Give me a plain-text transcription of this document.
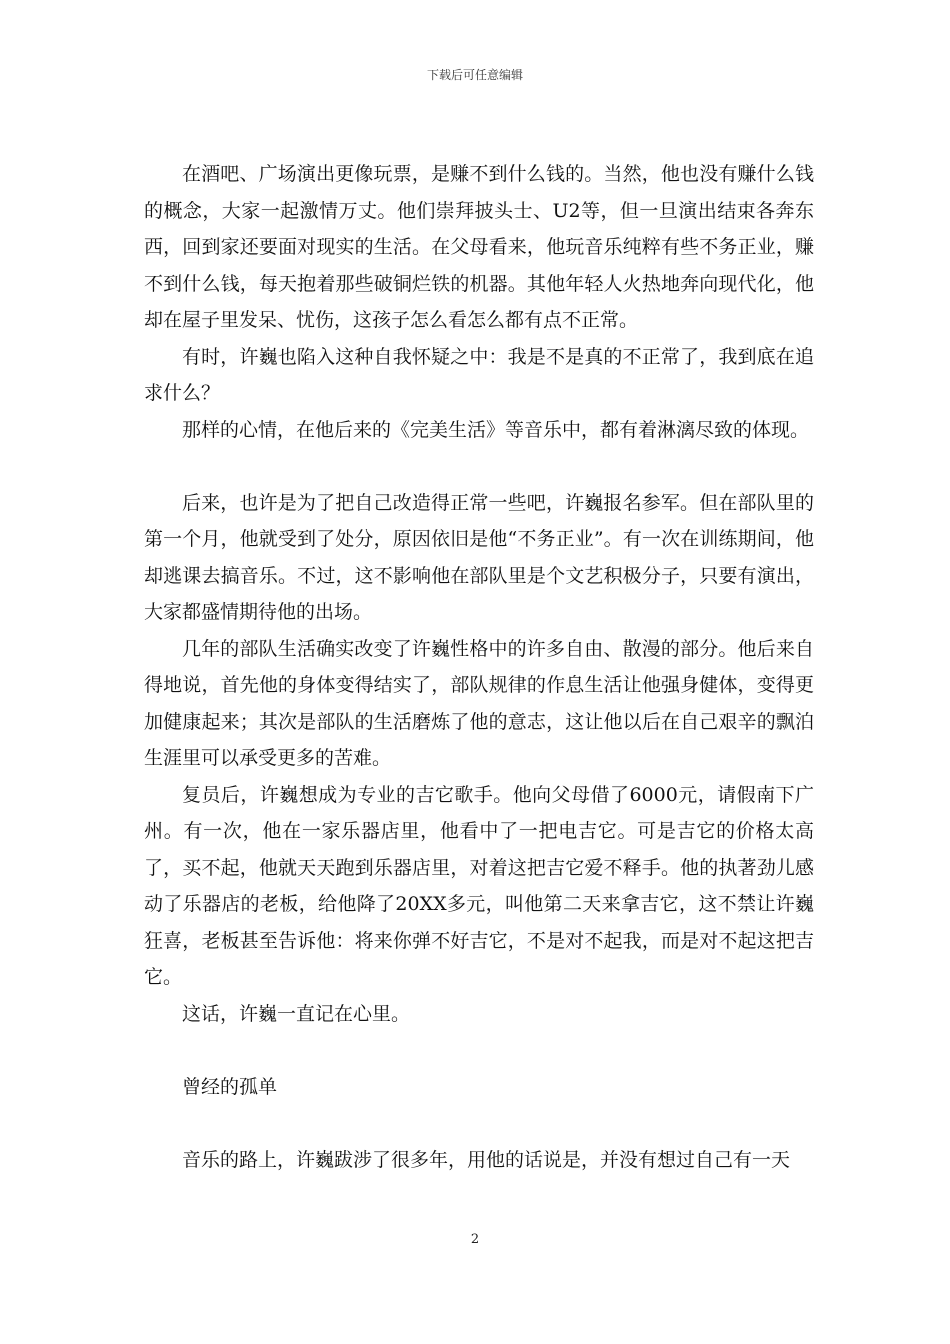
下载后可任意编辑

在酒吧、广场演出更像玩票，是赚不到什么钱的。当然，他也没有赚什么钱的概念，大家一起激情万丈。他们崇拜披头士、U2等，但一旦演出结束各奔东西，回到家还要面对现实的生活。在父母看来，他玩音乐纯粹有些不务正业，赚不到什么钱，每天抱着那些破铜烂铁的机器。其他年轻人火热地奔向现代化，他却在屋子里发呆、忧伤，这孩子怎么看怎么都有点不正常。

有时，许巍也陷入这种自我怀疑之中：我是不是真的不正常了，我到底在追求什么？

那样的心情，在他后来的《完美生活》等音乐中，都有着淋漓尽致的体现。

后来，也许是为了把自己改造得正常一些吧，许巍报名参军。但在部队里的第一个月，他就受到了处分，原因依旧是他“不务正业”。有一次在训练期间，他却逃课去搞音乐。不过，这不影响他在部队里是个文艺积极分子，只要有演出，大家都盛情期待他的出场。

几年的部队生活确实改变了许巍性格中的许多自由、散漫的部分。他后来自得地说，首先他的身体变得结实了，部队规律的作息生活让他强身健体，变得更加健康起来；其次是部队的生活磨炼了他的意志，这让他以后在自己艰辛的飘泊生涯里可以承受更多的苦难。

复员后，许巍想成为专业的吉它歌手。他向父母借了6000元，请假南下广州。有一次，他在一家乐器店里，他看中了一把电吉它。可是吉它的价格太高了，买不起，他就天天跑到乐器店里，对着这把吉它爱不释手。他的执著劲儿感动了乐器店的老板，给他降了20XX多元，叫他第二天来拿吉它，这不禁让许巍狂喜，老板甚至告诉他：将来你弹不好吉它，不是对不起我，而是对不起这把吉它。

这话，许巍一直记在心里。

曾经的孤单

音乐的路上，许巍跋涉了很多年，用他的话说是，并没有想过自己有一天

2
